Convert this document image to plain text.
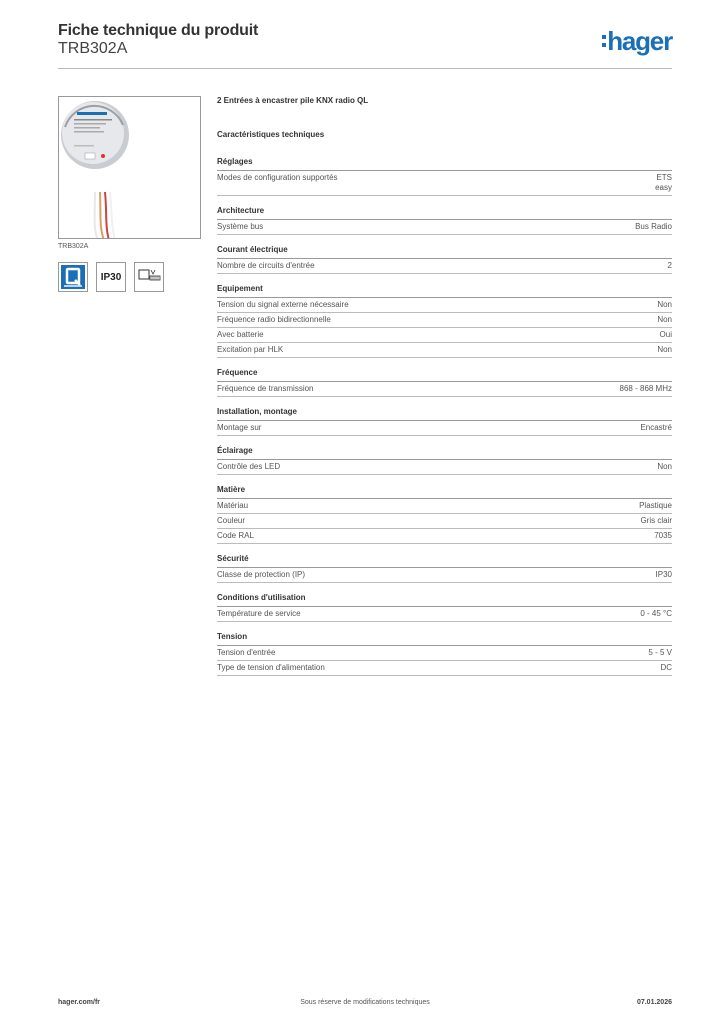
Fiche technique du produit
TRB302A	hager
TRB302A
IP30
2 Entrées à encastrer pile KNX radio QL
Caractéristiques techniques
Réglages
Modes de configuration supportés	ETS
easy
Architecture
Système bus	Bus Radio
Courant électrique
Nombre de circuits d'entrée	2
Equipement
Tension du signal externe nécessaire	Non
Fréquence radio bidirectionnelle	Non
Avec batterie	Oui
Excitation par HLK	Non
Fréquence
Fréquence de transmission	868 - 868 MHz
Installation, montage
Montage sur	Encastré
Éclairage
Contrôle des LED	Non
Matière
Matériau	Plastique
Couleur	Gris clair
Code RAL	7035
Sécurité
Classe de protection (IP)	IP30
Conditions d'utilisation
Température de service	0 - 45 °C
Tension
Tension d'entrée	5 - 5 V
Type de tension d'alimentation	DC
hager.com/fr	Sous réserve de modifications techniques	07.01.2026
